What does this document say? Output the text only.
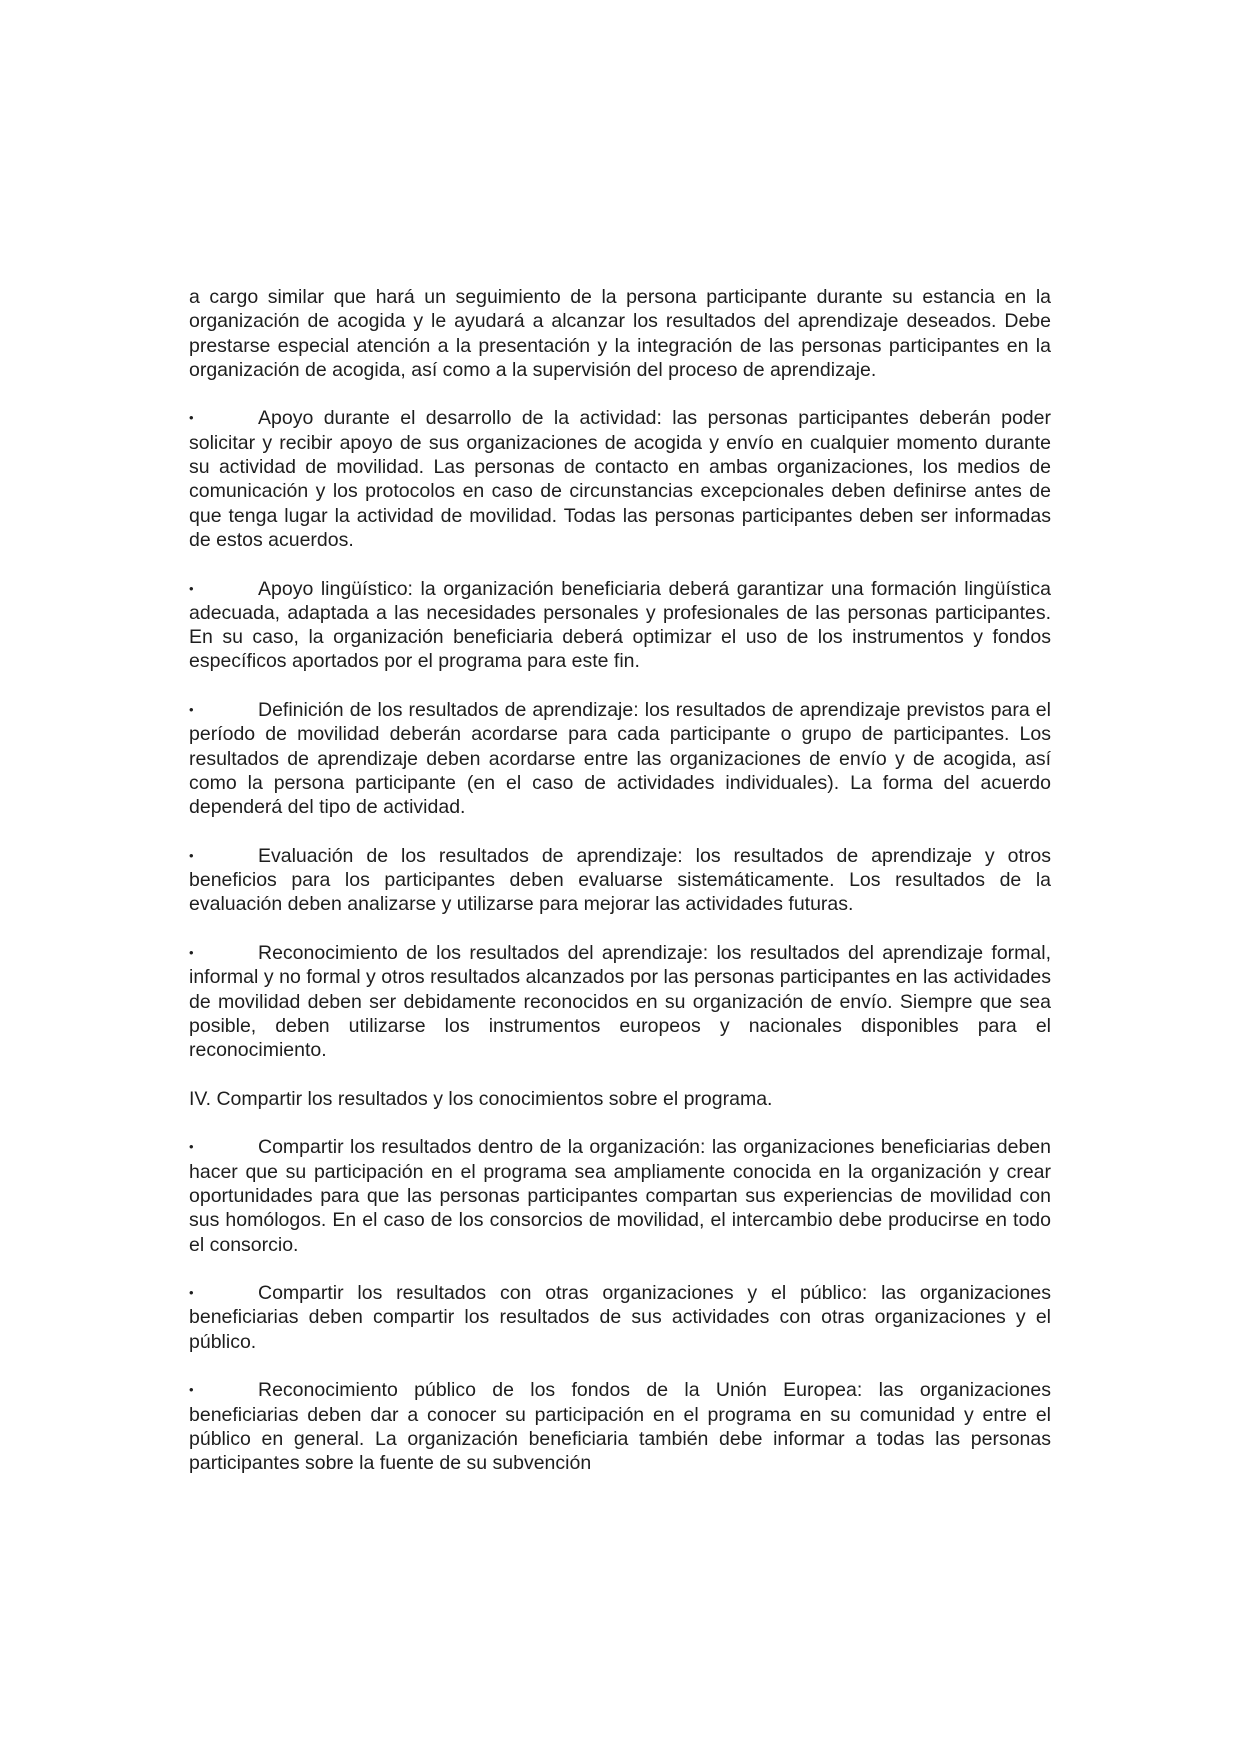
a cargo similar que hará un seguimiento de la persona participante durante su estancia en la organización de acogida y le ayudará a alcanzar los resultados del aprendizaje deseados. Debe prestarse especial atención a la presentación y la integración de las personas participantes en la organización de acogida, así como a la supervisión del proceso de aprendizaje.

•	Apoyo durante el desarrollo de la actividad: las personas participantes deberán poder solicitar y recibir apoyo de sus organizaciones de acogida y envío en cualquier momento durante su actividad de movilidad. Las personas de contacto en ambas organizaciones, los medios de comunicación y los protocolos en caso de circunstancias excepcionales deben definirse antes de que tenga lugar la actividad de movilidad. Todas las personas participantes deben ser informadas de estos acuerdos.

•	Apoyo lingüístico: la organización beneficiaria deberá garantizar una formación lingüística adecuada, adaptada a las necesidades personales y profesionales de las personas participantes. En su caso, la organización beneficiaria deberá optimizar el uso de los instrumentos y fondos específicos aportados por el programa para este fin.

•	Definición de los resultados de aprendizaje: los resultados de aprendizaje previstos para el período de movilidad deberán acordarse para cada participante o grupo de participantes. Los resultados de aprendizaje deben acordarse entre las organizaciones de envío y de acogida, así como la persona participante (en el caso de actividades individuales). La forma del acuerdo dependerá del tipo de actividad.

•	Evaluación de los resultados de aprendizaje: los resultados de aprendizaje y otros beneficios para los participantes deben evaluarse sistemáticamente. Los resultados de la evaluación deben analizarse y utilizarse para mejorar las actividades futuras.

•	Reconocimiento de los resultados del aprendizaje: los resultados del aprendizaje formal, informal y no formal y otros resultados alcanzados por las personas participantes en las actividades de movilidad deben ser debidamente reconocidos en su organización de envío. Siempre que sea posible, deben utilizarse los instrumentos europeos y nacionales disponibles para el reconocimiento.

IV. Compartir los resultados y los conocimientos sobre el programa.

•	Compartir los resultados dentro de la organización: las organizaciones beneficiarias deben hacer que su participación en el programa sea ampliamente conocida en la organización y crear oportunidades para que las personas participantes compartan sus experiencias de movilidad con sus homólogos. En el caso de los consorcios de movilidad, el intercambio debe producirse en todo el consorcio.

•	Compartir los resultados con otras organizaciones y el público: las organizaciones beneficiarias deben compartir los resultados de sus actividades con otras organizaciones y el público.

•	Reconocimiento público de los fondos de la Unión Europea: las organizaciones beneficiarias deben dar a conocer su participación en el programa en su comunidad y entre el público en general. La organización beneficiaria también debe informar a todas las personas participantes sobre la fuente de su subvención
